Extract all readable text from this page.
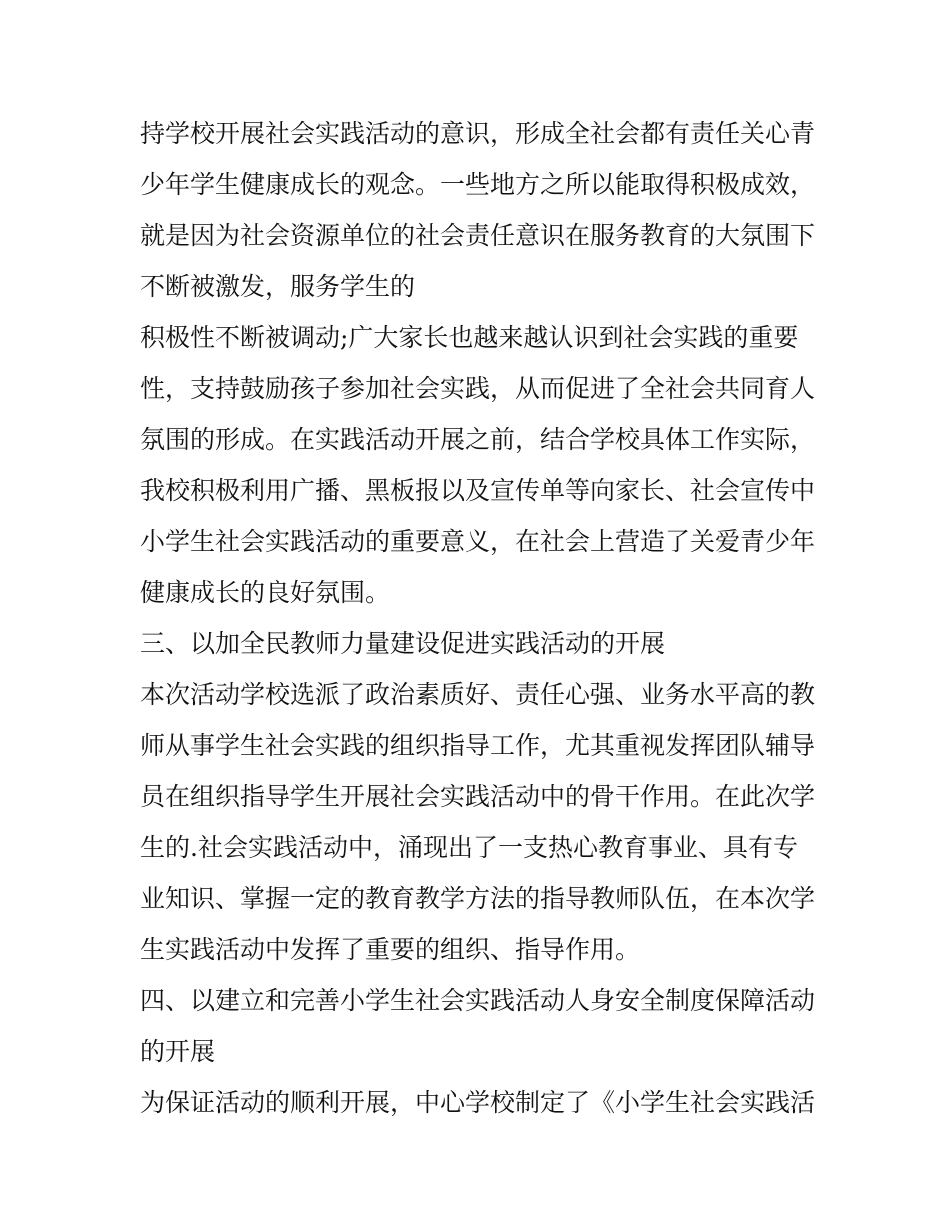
持学校开展社会实践活动的意识，形成全社会都有责任关心青
少年学生健康成长的观念。一些地方之所以能取得积极成效，
就是因为社会资源单位的社会责任意识在服务教育的大氛围下
不断被激发，服务学生的
积极性不断被调动;广大家长也越来越认识到社会实践的重要
性，支持鼓励孩子参加社会实践，从而促进了全社会共同育人
氛围的形成。在实践活动开展之前，结合学校具体工作实际，
我校积极利用广播、黑板报以及宣传单等向家长、社会宣传中
小学生社会实践活动的重要意义，在社会上营造了关爱青少年
健康成长的良好氛围。
三、以加全民教师力量建设促进实践活动的开展
本次活动学校选派了政治素质好、责任心强、业务水平高的教
师从事学生社会实践的组织指导工作，尤其重视发挥团队辅导
员在组织指导学生开展社会实践活动中的骨干作用。在此次学
生的.社会实践活动中，涌现出了一支热心教育事业、具有专
业知识、掌握一定的教育教学方法的指导教师队伍，在本次学
生实践活动中发挥了重要的组织、指导作用。
四、以建立和完善小学生社会实践活动人身安全制度保障活动
的开展
为保证活动的顺利开展，中心学校制定了《小学生社会实践活
